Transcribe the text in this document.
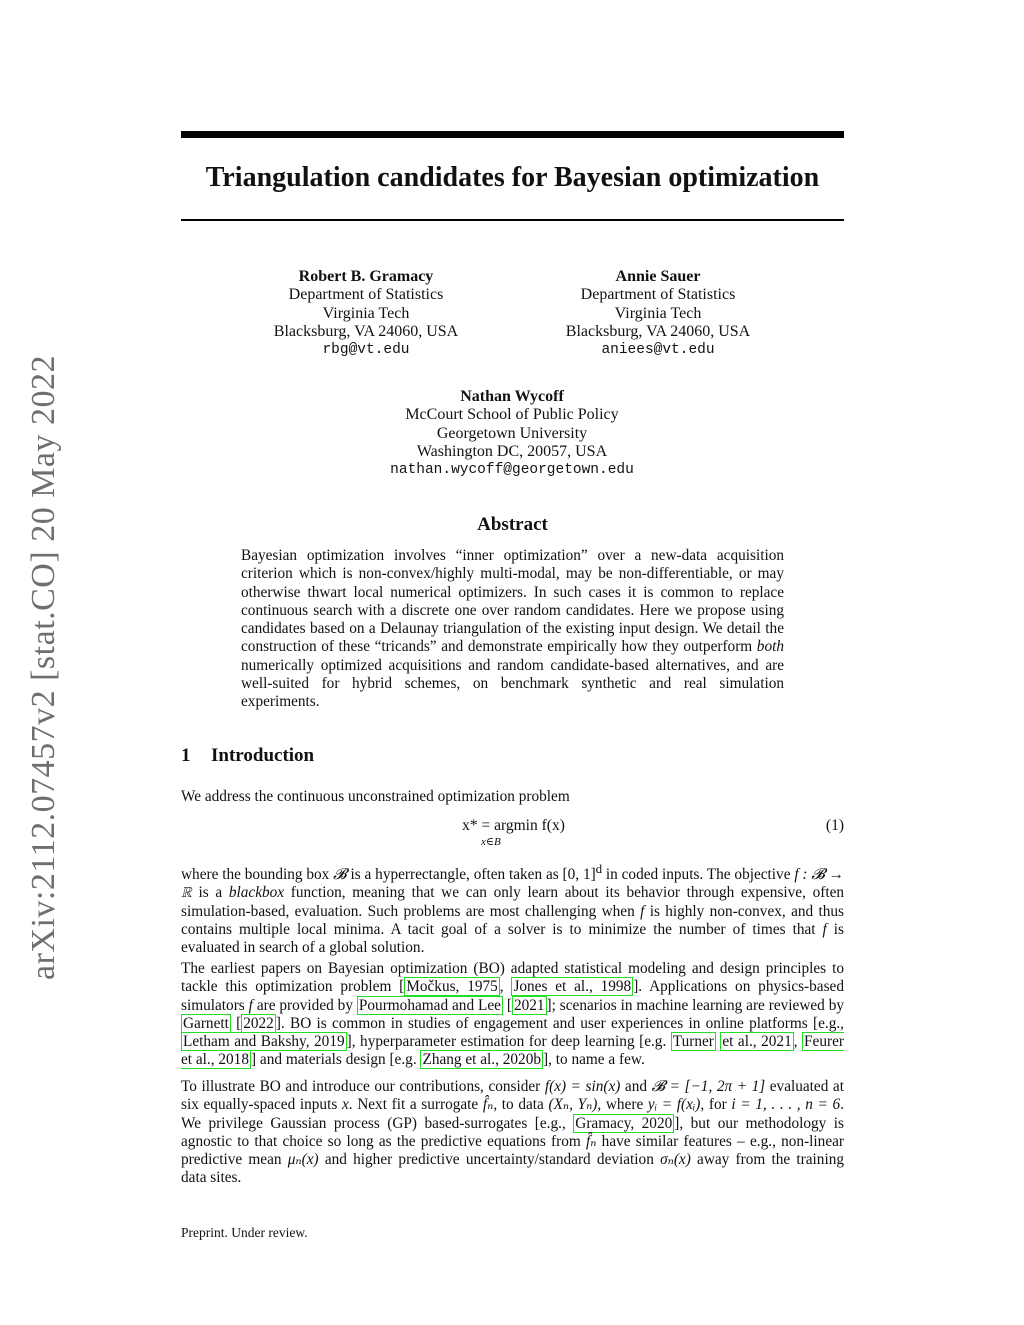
arXiv:2112.07457v2 [stat.CO] 20 May 2022
Triangulation candidates for Bayesian optimization
Robert B. Gramacy
Department of Statistics
Virginia Tech
Blacksburg, VA 24060, USA
rbg@vt.edu
Annie Sauer
Department of Statistics
Virginia Tech
Blacksburg, VA 24060, USA
aniees@vt.edu
Nathan Wycoff
McCourt School of Public Policy
Georgetown University
Washington DC, 20057, USA
nathan.wycoff@georgetown.edu
Abstract
Bayesian optimization involves “inner optimization” over a new-data acquisition criterion which is non-convex/highly multi-modal, may be non-differentiable, or may otherwise thwart local numerical optimizers. In such cases it is common to replace continuous search with a discrete one over random candidates. Here we propose using candidates based on a Delaunay triangulation of the existing input design. We detail the construction of these “tricands” and demonstrate empirically how they outperform both numerically optimized acquisitions and random candidate-based alternatives, and are well-suited for hybrid schemes, on benchmark synthetic and real simulation experiments.
1 Introduction
We address the continuous unconstrained optimization problem
x* = argmin f(x)
x∈B
(1)
where the bounding box 𝓑 is a hyperrectangle, often taken as [0, 1]$^d$ in coded inputs. The objective f : 𝓑 → ℝ is a blackbox function, meaning that we can only learn about its behavior through expensive, often simulation-based, evaluation. Such problems are most challenging when f is highly non-convex, and thus contains multiple local minima. A tacit goal of a solver is to minimize the number of times that f is evaluated in search of a global solution.
The earliest papers on Bayesian optimization (BO) adapted statistical modeling and design principles to tackle this optimization problem [ Močkus, 1975 , Jones et al., 1998 ]. Applications on physics-based simulators f are provided by Pourmohamad and Lee [ 2021 ]; scenarios in machine learning are reviewed by Garnett [ 2022 ]. BO is common in studies of engagement and user experiences in online platforms [e.g., Letham and Bakshy, 2019 ], hyperparameter estimation for deep learning [e.g. Turner et al., 2021 , Feurer et al., 2018 ] and materials design [e.g. Zhang et al., 2020b ], to name a few.
To illustrate BO and introduce our contributions, consider f(x) = sin(x) and 𝓑 = [−1, 2π + 1] evaluated at six equally-spaced inputs x. Next fit a surrogate f̂ₙ, to data (Xₙ, Yₙ), where yᵢ = f(xᵢ), for i = 1, . . . , n = 6. We privilege Gaussian process (GP) based-surrogates [e.g., Gramacy, 2020 ], but our methodology is agnostic to that choice so long as the predictive equations from f̂ₙ have similar features – e.g., non-linear predictive mean μₙ(x) and higher predictive uncertainty/standard deviation σₙ(x) away from the training data sites.
Preprint. Under review.
